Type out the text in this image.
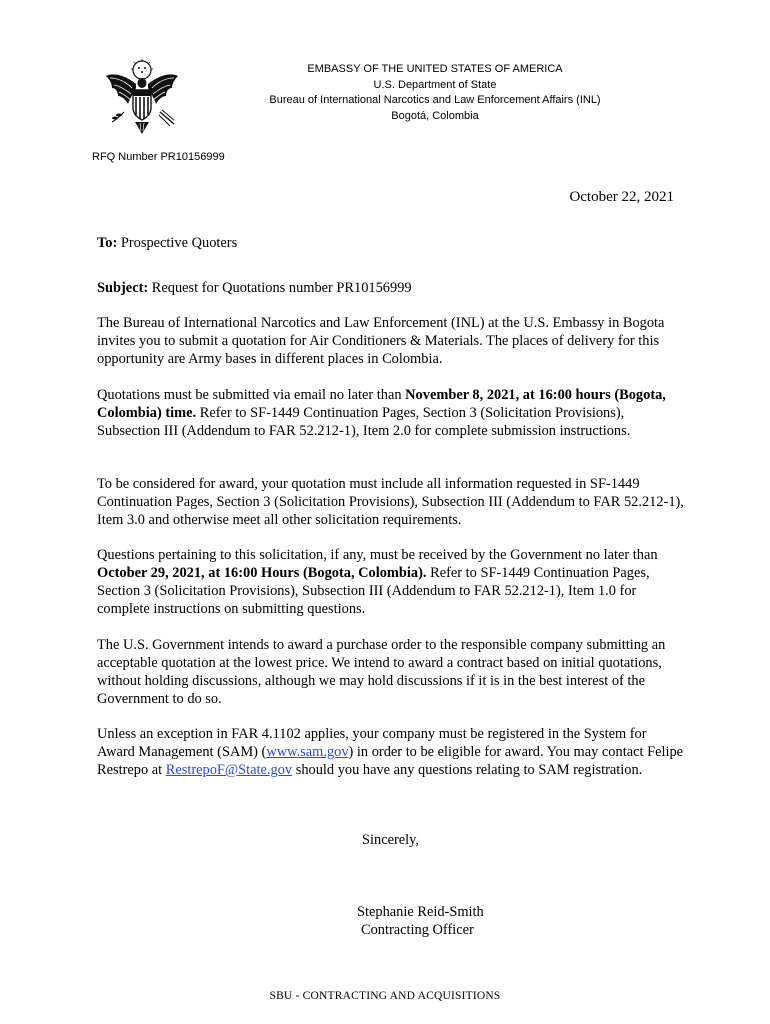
EMBASSY OF THE UNITED STATES OF AMERICA
U.S. Department of State
Bureau of International Narcotics and Law Enforcement Affairs (INL)
Bogotá, Colombia
RFQ Number PR10156999
October 22, 2021
To: Prospective Quoters
Subject: Request for Quotations number PR10156999
The Bureau of International Narcotics and Law Enforcement (INL) at the U.S. Embassy in Bogota invites you to submit a quotation for Air Conditioners & Materials. The places of delivery for this opportunity are Army bases in different places in Colombia.
Quotations must be submitted via email no later than November 8, 2021, at 16:00 hours (Bogota, Colombia) time. Refer to SF-1449 Continuation Pages, Section 3 (Solicitation Provisions), Subsection III (Addendum to FAR 52.212-1), Item 2.0 for complete submission instructions.
To be considered for award, your quotation must include all information requested in SF-1449 Continuation Pages, Section 3 (Solicitation Provisions), Subsection III (Addendum to FAR 52.212-1), Item 3.0 and otherwise meet all other solicitation requirements.
Questions pertaining to this solicitation, if any, must be received by the Government no later than October 29, 2021, at 16:00 Hours (Bogota, Colombia). Refer to SF-1449 Continuation Pages, Section 3 (Solicitation Provisions), Subsection III (Addendum to FAR 52.212-1), Item 1.0 for complete instructions on submitting questions.
The U.S. Government intends to award a purchase order to the responsible company submitting an acceptable quotation at the lowest price. We intend to award a contract based on initial quotations, without holding discussions, although we may hold discussions if it is in the best interest of the Government to do so.
Unless an exception in FAR 4.1102 applies, your company must be registered in the System for Award Management (SAM) (www.sam.gov) in order to be eligible for award. You may contact Felipe Restrepo at RestrepoF@State.gov should you have any questions relating to SAM registration.
Sincerely,
Stephanie Reid-Smith
Contracting Officer
SBU - CONTRACTING AND ACQUISITIONS
